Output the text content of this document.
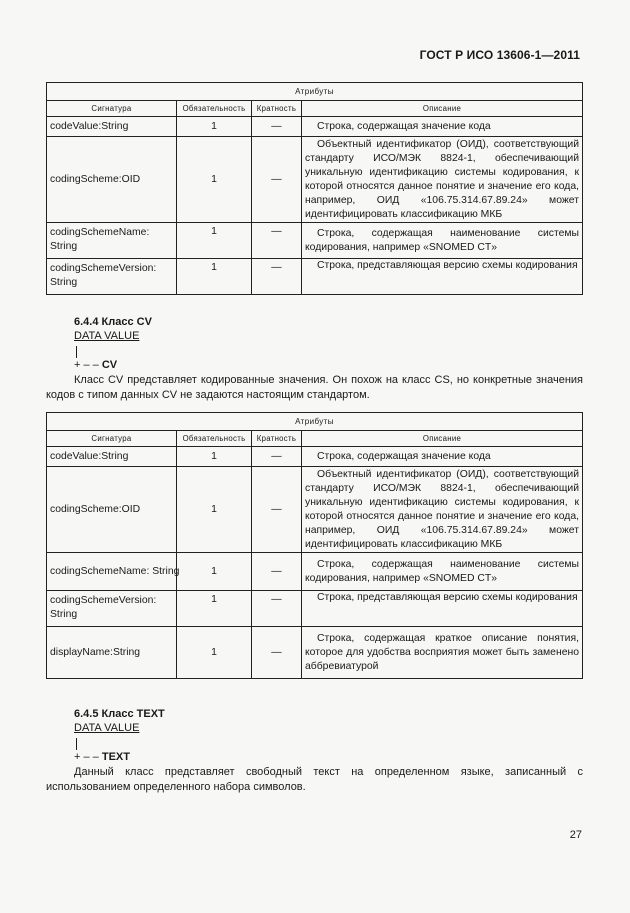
ГОСТ Р ИСО 13606-1—2011
Атрибуты			
Сигнатура	Обязательность	Кратность	Описание
codeValue:String	1	—	Строка, содержащая значение кода
codingScheme:OID	1	—	Объектный идентификатор (ОИД), соответствующий стандарту ИСО/МЭК 8824-1, обеспечивающий уникальную идентификацию системы кодирования, к которой относятся данное понятие и значение его кода, например, ОИД «106.75.314.67.89.24» может идентифицировать классификацию МКБ
codingSchemeName: String	1	—	Строка, содержащая наименование системы кодирования, например «SNOMED CT»
codingSchemeVersion: String	1	—	Строка, представляющая версию схемы кодирования
6.4.4 Класс CV
DATA VALUE
+ – – CV
Класс CV представляет кодированные значения. Он похож на класс CS, но конкретные значения кодов с типом данных CV не задаются настоящим стандартом.
Атрибуты			
Сигнатура	Обязательность	Кратность	Описание
codeValue:String	1	—	Строка, содержащая значение кода
codingScheme:OID	1	—	Объектный идентификатор (ОИД), соответствующий стандарту ИСО/МЭК 8824-1, обеспечивающий уникальную идентификацию системы кодирования, к которой относятся данное понятие и значение его кода, например, ОИД «106.75.314.67.89.24» может идентифицировать классификацию МКБ
codingSchemeName: String	1	—	Строка, содержащая наименование системы кодирования, например «SNOMED CT»
codingSchemeVersion: String	1	—	Строка, представляющая версию схемы кодирования
displayName:String	1	—	Строка, содержащая краткое описание понятия, которое для удобства восприятия может быть заменено аббревиатурой
6.4.5 Класс TEXT
DATA VALUE
+ – – TEXT
Данный класс представляет свободный текст на определенном языке, записанный с использованием определенного набора символов.
27
